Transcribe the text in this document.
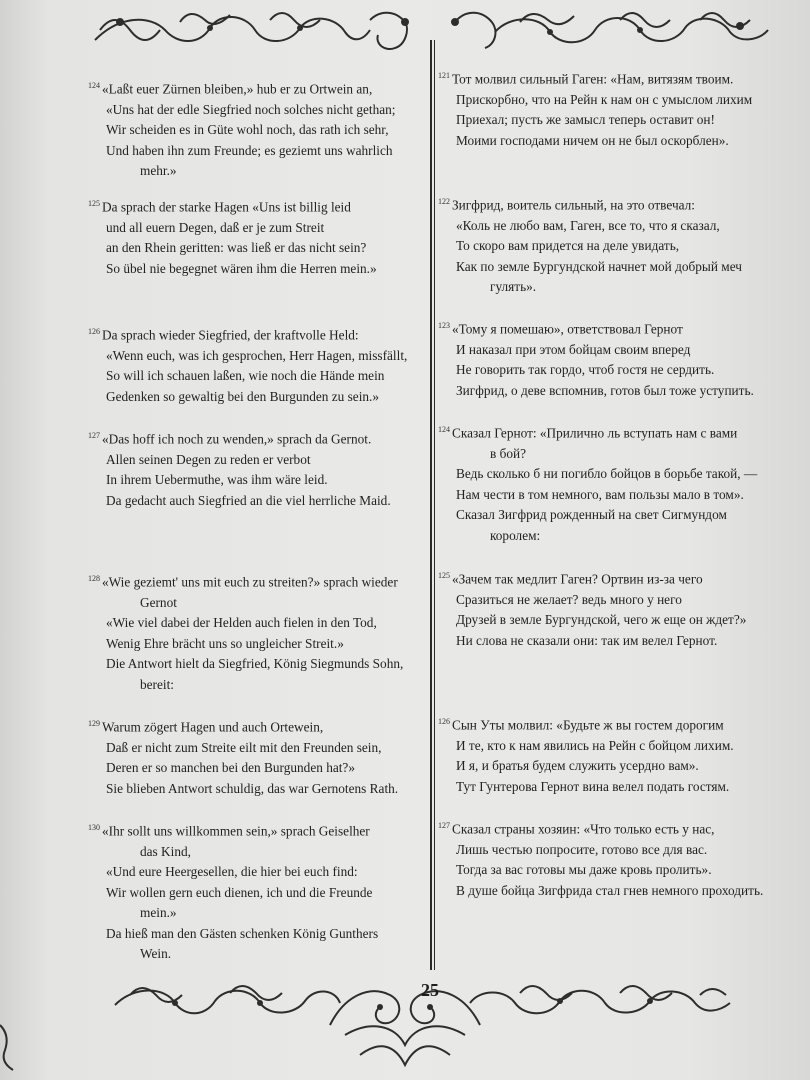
$^{124}$ «Laßt euer Zürnen bleiben,» hub er zu Ortwein an,
«Uns hat der edle Siegfried noch solches nicht gethan;
Wir scheiden es in Güte wohl noch, das rath ich sehr,
Und haben ihn zum Freunde; es geziemt uns wahrlich
mehr.»
$^{125}$ Da sprach der starke Hagen «Uns ist billig leid
und all euern Degen, daß er je zum Streit
an den Rhein geritten: was ließ er das nicht sein?
So übel nie begegnet wären ihm die Herren mein.»
$^{126}$ Da sprach wieder Siegfried, der kraftvolle Held:
«Wenn euch, was ich gesprochen, Herr Hagen, missfällt,
So will ich schauen laßen, wie noch die Hände mein
Gedenken so gewaltig bei den Burgunden zu sein.»
$^{127}$ «Das hoff ich noch zu wenden,» sprach da Gernot.
Allen seinen Degen zu reden er verbot
In ihrem Uebermuthe, was ihm wäre leid.
Da gedacht auch Siegfried an die viel herrliche Maid.
$^{128}$ «Wie geziemt' uns mit euch zu streiten?» sprach wieder
Gernot
«Wie viel dabei der Helden auch fielen in den Tod,
Wenig Ehre brächt uns so ungleicher Streit.»
Die Antwort hielt da Siegfried, König Siegmunds Sohn,
bereit:
$^{129}$ Warum zögert Hagen und auch Ortewein,
Daß er nicht zum Streite eilt mit den Freunden sein,
Deren er so manchen bei den Burgunden hat?»
Sie blieben Antwort schuldig, das war Gernotens Rath.
$^{130}$ «Ihr sollt uns willkommen sein,» sprach Geiselher
das Kind,
«Und eure Heergesellen, die hier bei euch find:
Wir wollen gern euch dienen, ich und die Freunde
mein.»
Da hieß man den Gästen schenken König Gunthers
Wein.
$^{121}$ Тот молвил сильный Гаген: «Нам, витязям твоим.
Прискорбно, что на Рейн к нам он с умыслом лихим
Приехал; пусть же замысл теперь оставит он!
Моими господами ничем он не был оскорблен».
$^{122}$ Зигфрид, воитель сильный, на это отвечал:
«Коль не любо вам, Гаген, все то, что я сказал,
То скоро вам придется на деле увидать,
Как по земле Бургундской начнет мой добрый меч
гулять».
$^{123}$ «Тому я помешаю», ответствовал Гернот
И наказал при этом бойцам своим вперед
Не говорить так гордо, чтоб гостя не сердить.
Зигфрид, о деве вспомнив, готов был тоже уступить.
$^{124}$ Сказал Гернот: «Прилично ль вступать нам с вами
в бой?
Ведь сколько б ни погибло бойцов в борьбе такой, —
Нам чести в том немного, вам пользы мало в том».
Сказал Зигфрид рожденный на свет Сигмундом
королем:
$^{125}$ «Зачем так медлит Гаген? Ортвин из-за чего
Сразиться не желает? ведь много у него
Друзей в земле Бургундской, чего ж еще он ждет?»
Ни слова не сказали они: так им велел Гернот.
$^{126}$ Сын Уты молвил: «Будьте ж вы гостем дорогим
И те, кто к нам явились на Рейн с бойцом лихим.
И я, и братья будем служить усердно вам».
Тут Гунтерова Гернот вина велел подать гостям.
$^{127}$ Сказал страны хозяин: «Что только есть у нас,
Лишь честью попросите, готово все для вас.
Тогда за вас готовы мы даже кровь пролить».
В душе бойца Зигфрида стал гнев немного проходить.
25
